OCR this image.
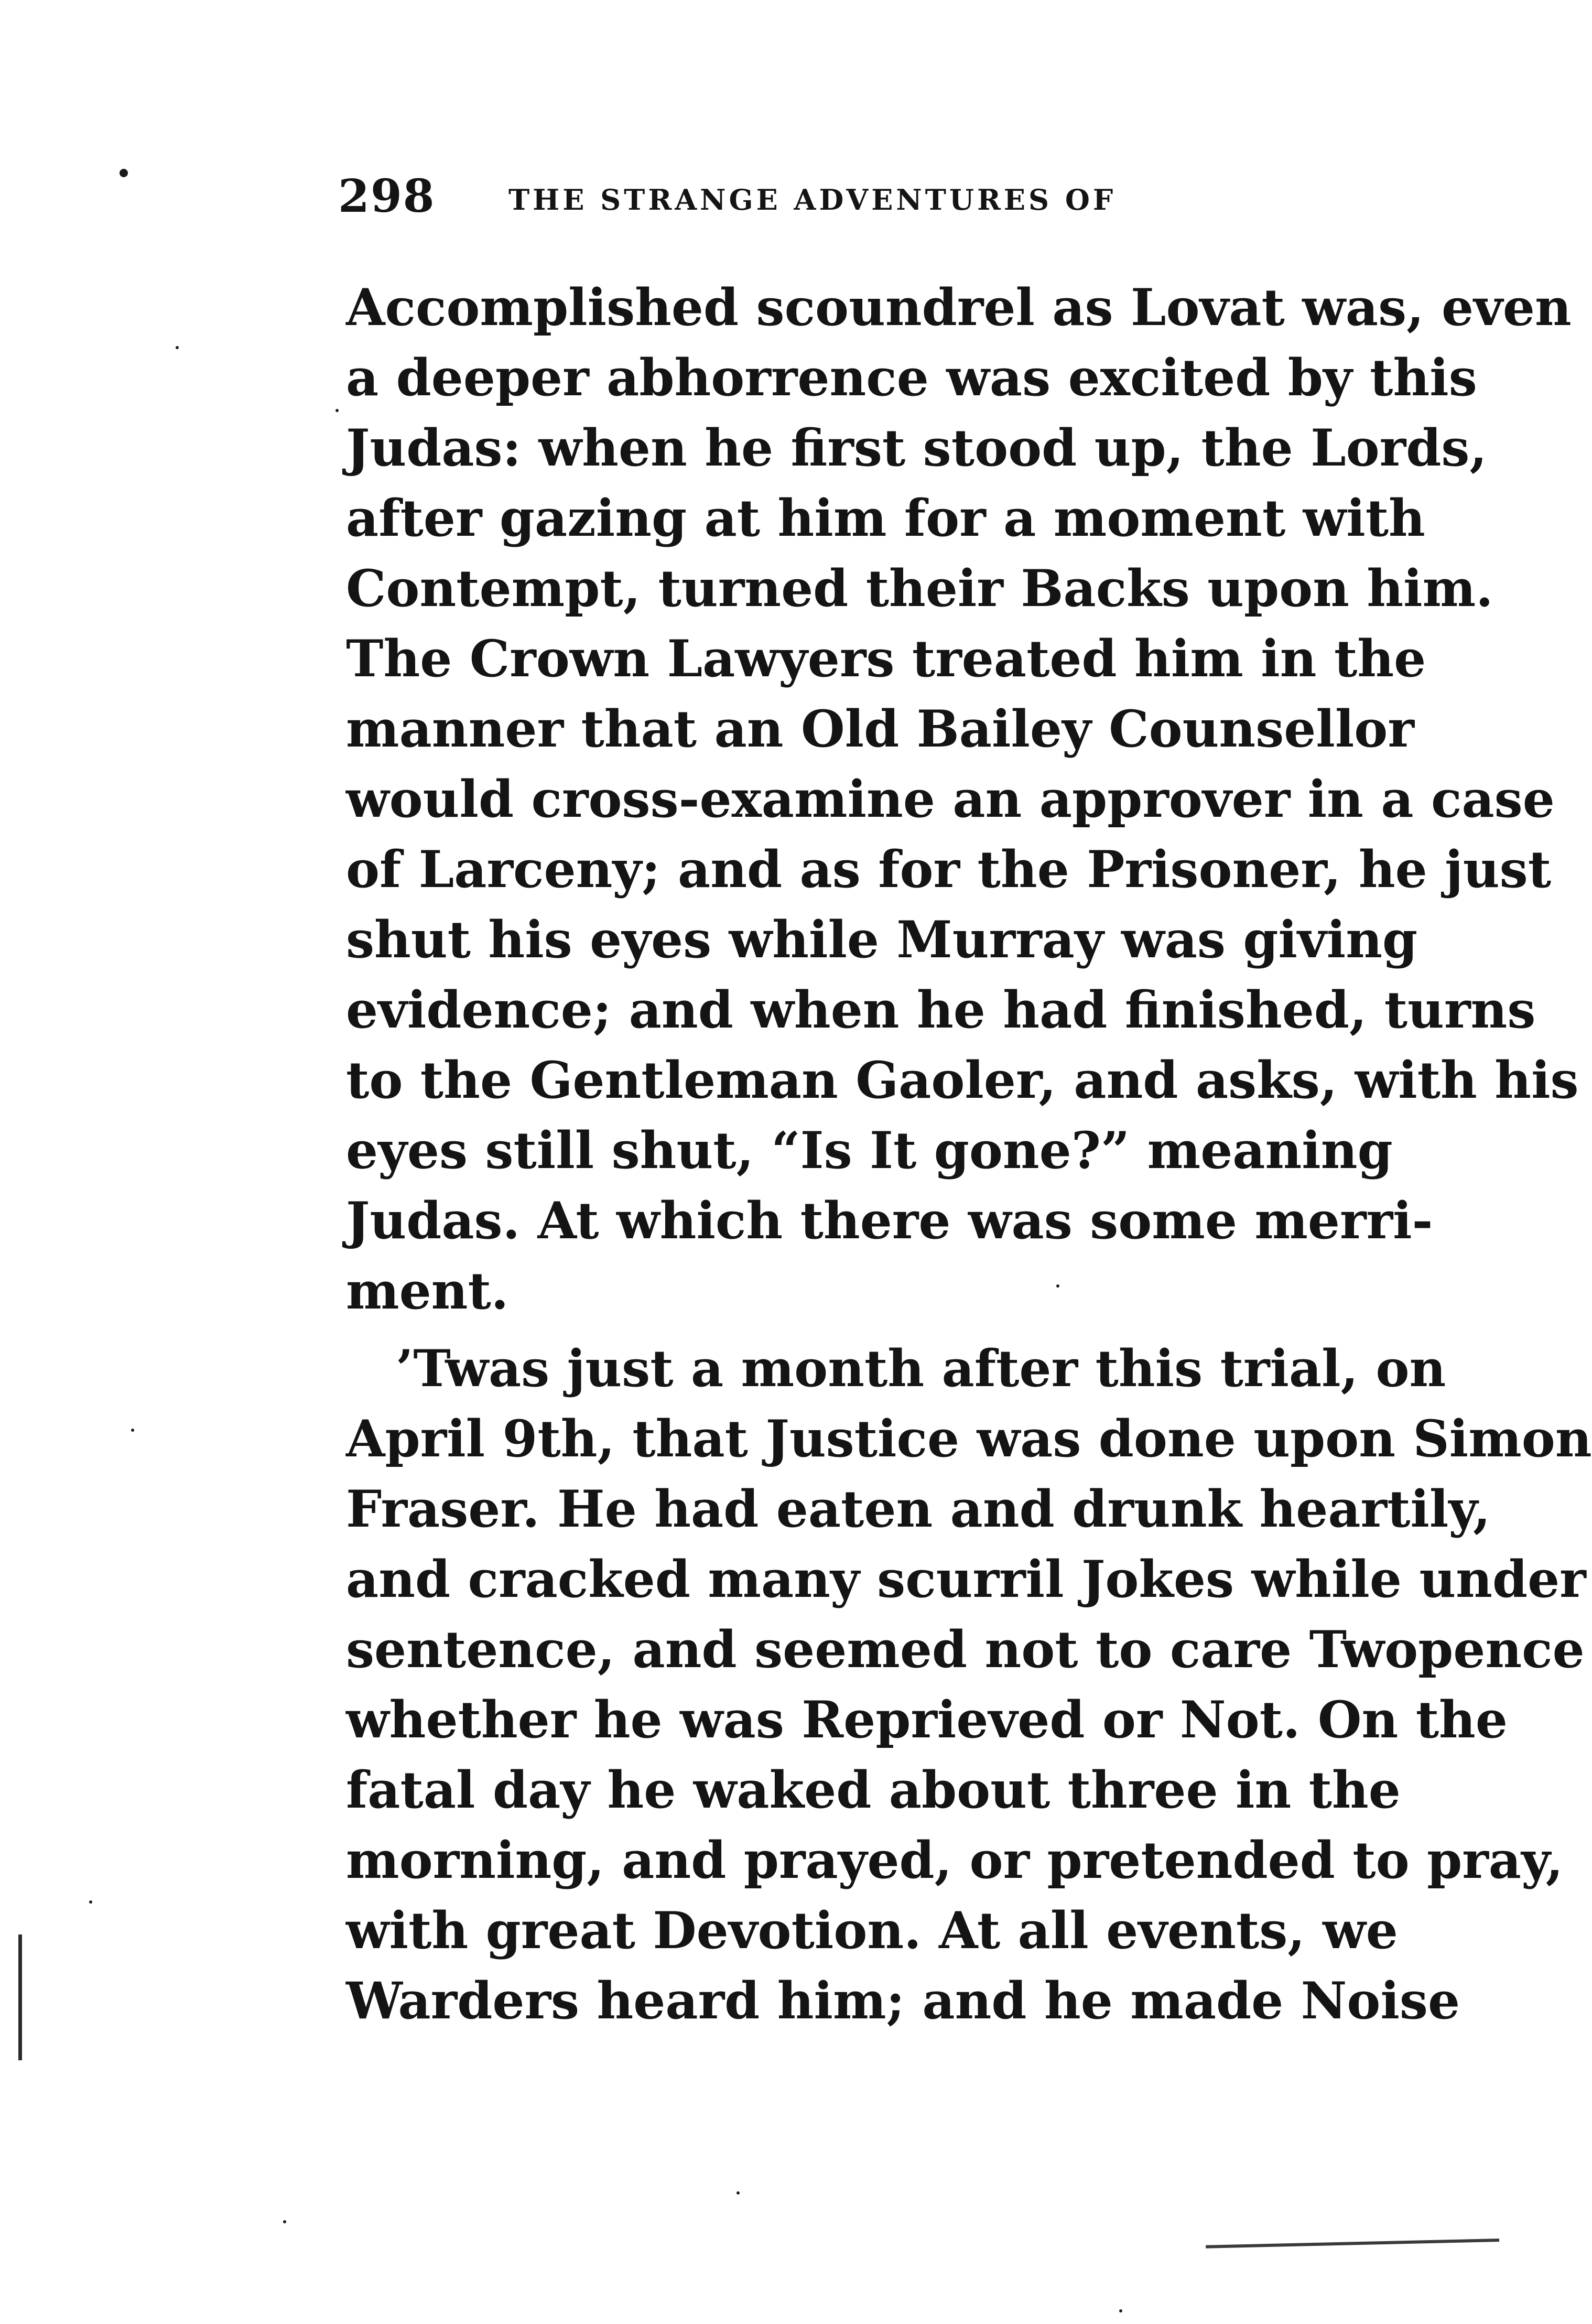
298	THE STRANGE ADVENTURES OF
Accomplished scoundrel as Lovat was, even
a deeper abhorrence was excited by this
Judas: when he first stood up, the Lords,
after gazing at him for a moment with
Contempt, turned their Backs upon him.
The Crown Lawyers treated him in the
manner that an Old Bailey Counsellor
would cross-examine an approver in a case
of Larceny; and as for the Prisoner, he just
shut his eyes while Murray was giving
evidence; and when he had finished, turns
to the Gentleman Gaoler, and asks, with his
eyes still shut, “Is It gone?” meaning
Judas. At which there was some merri-
ment.
’Twas just a month after this trial, on
April 9th, that Justice was done upon Simon
Fraser. He had eaten and drunk heartily,
and cracked many scurril Jokes while under
sentence, and seemed not to care Twopence
whether he was Reprieved or Not. On the
fatal day he waked about three in the
morning, and prayed, or pretended to pray,
with great Devotion. At all events, we
Warders heard him; and he made Noise
